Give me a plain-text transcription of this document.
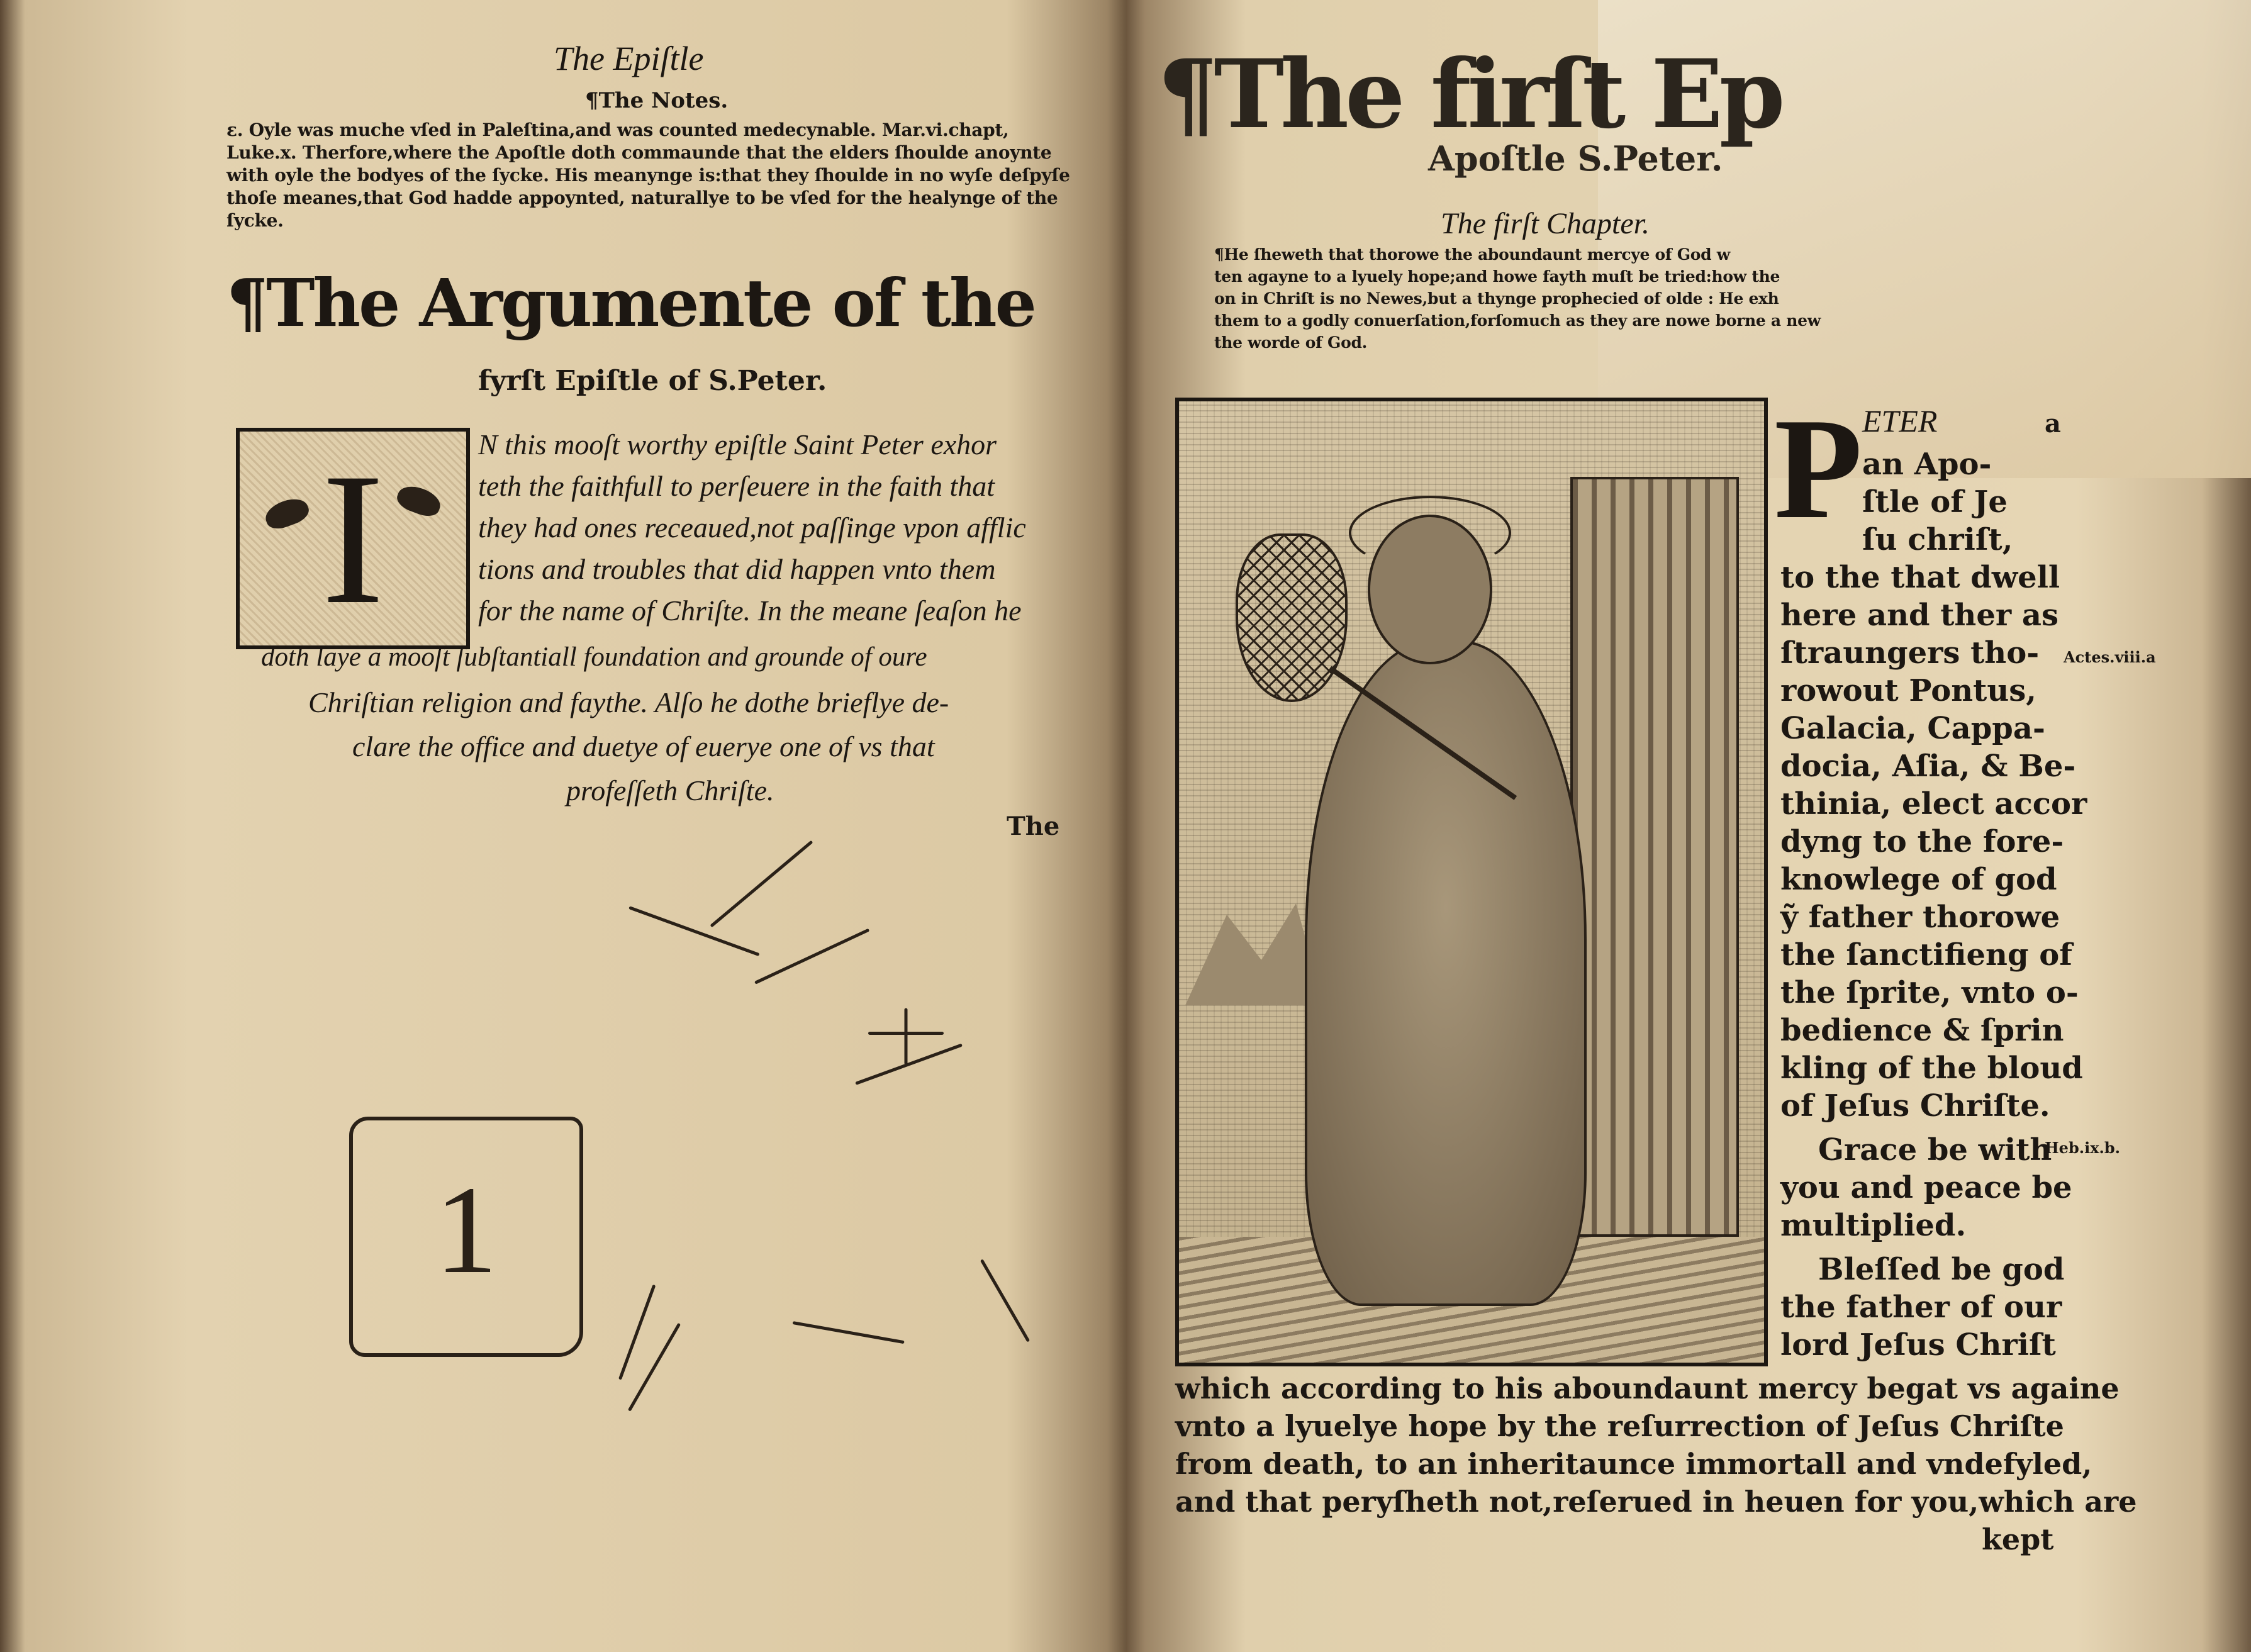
The Epiſtle
¶The Notes.
ε. Oyle was muche vſed in Paleſtina,and was counted medecynable. Mar.vi.chapt,
Luke.x. Therfore,where the Apoſtle doth commaunde that the elders ſhoulde anoynte
with oyle the bodyes of the ſycke. His meanynge is:that they ſhoulde in no wyſe deſpyſe
thoſe meanes,that God hadde appoynted, naturallye to be vſed for the healynge of the
ſycke.
¶The Argumente of the
fyrſt Epiſtle of S.Peter.
I	N this mooſt worthy epiſtle Saint Peter exhor
teth the faithfull to perſeuere in the faith that
they had ones receaued,not paſſinge vpon afflic
tions and troubles that did happen vnto them
for the name of Chriſte. In the meane ſeaſon he
doth laye a mooſt ſubſtantiall foundation and grounde of oure
Chriſtian religion and faythe. Alſo he dothe brieflye de-
clare the office and duetye of euerye one of vs that
profeſſeth Chriſte.
The
1
¶The firſt Ep
Apoſtle S.Peter.
The firſt Chapter.
¶He ſheweth that thorowe the aboundaunt mercye of God w
ten agayne to a lyuely hope;and howe fayth muſt be tried:how the
on in Chriſt is no Newes,but a thynge prophecied of olde : He exh
them to a godly conuerſation,forſomuch as they are nowe borne a new
the worde of God.
P ETER	a
an Apo-
ſtle of Je
ſu chriſt,
to the that dwell
here and ther as
ſtraungers tho-
rowout Pontus,
Galacia, Cappa-
docia, Aſia, & Be-
thinia, elect accor
dyng to the fore-
knowlege of god
ỹ father thorowe
the ſanctifieng of
the ſprite, vnto o-
bedience & ſprin
kling of the bloud
of Jeſus Chriſte.
Grace be with
you and peace be
multiplied.
Bleſſed be god
the father of our
lord Jeſus Chriſt
Actes.viii.a
Heb.ix.b.
which according to his aboundaunt mercy begat vs againe
vnto a lyuelye hope by the reſurrection of Jeſus Chriſte
from death, to an inheritaunce immortall and vndefyled,
and that peryſheth not,reſerued in heuen for you,which are
kept
